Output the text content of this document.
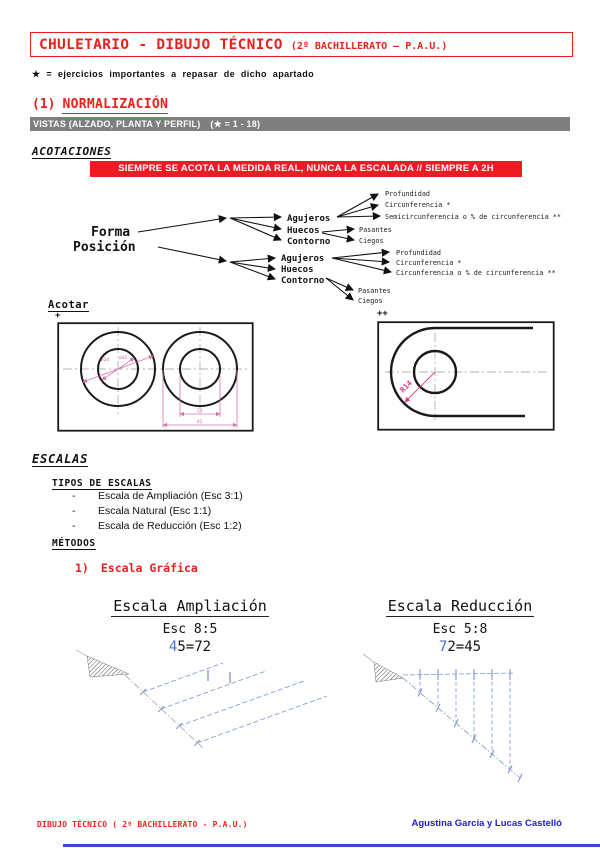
CHULETARIO - DIBUJO TÉCNICO (2º BACHILLERATO – P.A.U.)
★ = ejercicios importantes a repasar de dicho apartado
(1) NORMALIZACIÓN
VISTAS (ALZADO, PLANTA Y PERFIL) (★ = 1 - 18)
ACOTACIONES
SIEMPRE SE ACOTA LA MEDIDA REAL, NUNCA LA ESCALADA // SIEMPRE A 2H
Forma
Posición
Agujeros
Huecos
Contorno
Profundidad
Circunferencia *
Semicircunferencia o % de circunferencia **
Pasantes
Ciegos
Agujeros
Huecos
Contorno
Profundidad
Circunferencia *
Circunferencia o % de circunferencia **
Pasantes
Ciegos
Acotar
+	++
ø24 ø42
24
42
R14
ESCALAS
TIPOS DE ESCALAS
- Escala de Ampliación (Esc 3:1)
- Escala Natural (Esc 1:1)
- Escala de Reducción (Esc 1:2)
MÉTODOS
1) Escala Gráfica
Escala Ampliación
Esc 8:5
45=72
Escala Reducción
Esc 5:8
72=45
DIBUJO TÉCNICO ( 2º BACHILLERATO - P.A.U.)	Agustina García y Lucas Castelló
